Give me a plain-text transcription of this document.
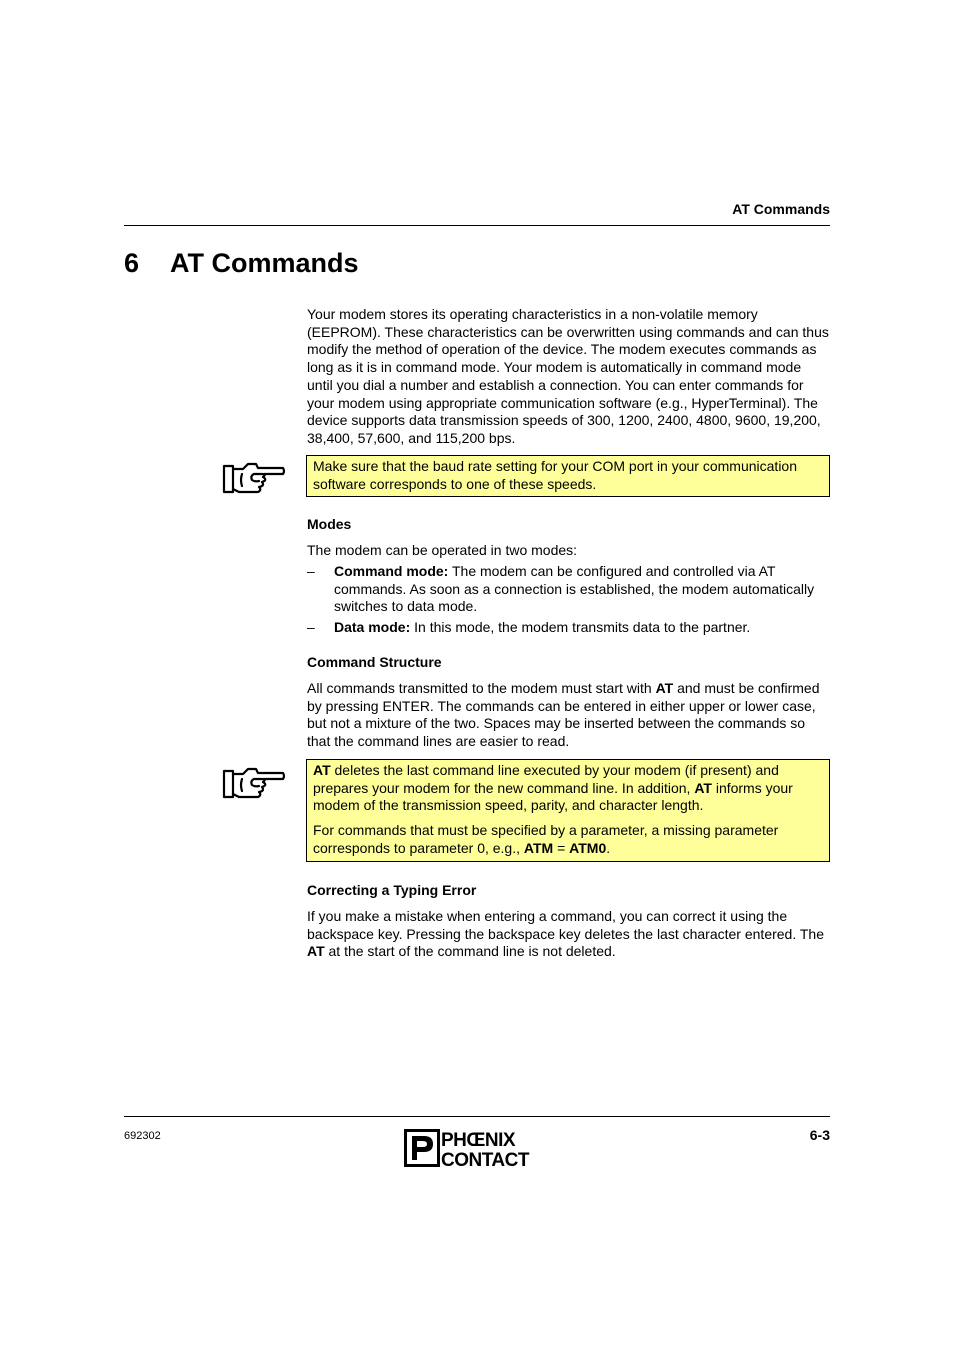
AT Commands
6 AT Commands
Your modem stores its operating characteristics in a non-volatile memory (EEPROM). These characteristics can be overwritten using commands and can thus modify the method of operation of the device. The modem executes commands as long as it is in command mode. Your modem is automatically in command mode until you dial a number and establish a connection. You can enter commands for your modem using appropriate communication software (e.g., HyperTerminal). The device supports data transmission speeds of 300, 1200, 2400, 4800, 9600, 19,200, 38,400, 57,600, and 115,200 bps.

Make sure that the baud rate setting for your COM port in your communication software corresponds to one of these speeds.

Modes
The modem can be operated in two modes:
– Command mode: The modem can be configured and controlled via AT commands. As soon as a connection is established, the modem automatically switches to data mode.
– Data mode: In this mode, the modem transmits data to the partner.
Command Structure
All commands transmitted to the modem must start with AT and must be confirmed by pressing ENTER. The commands can be entered in either upper or lower case, but not a mixture of the two. Spaces may be inserted between the commands so that the command lines are easier to read.

AT deletes the last command line executed by your modem (if present) and prepares your modem for the new command line. In addition, AT informs your modem of the transmission speed, parity, and character length.

For commands that must be specified by a parameter, a missing parameter corresponds to parameter 0, e.g., ATM = ATM0.

Correcting a Typing Error
If you make a mistake when entering a command, you can correct it using the backspace key. Pressing the backspace key deletes the last character entered. The AT at the start of the command line is not deleted.
692302	6-3
PHŒNIX
CONTACT
